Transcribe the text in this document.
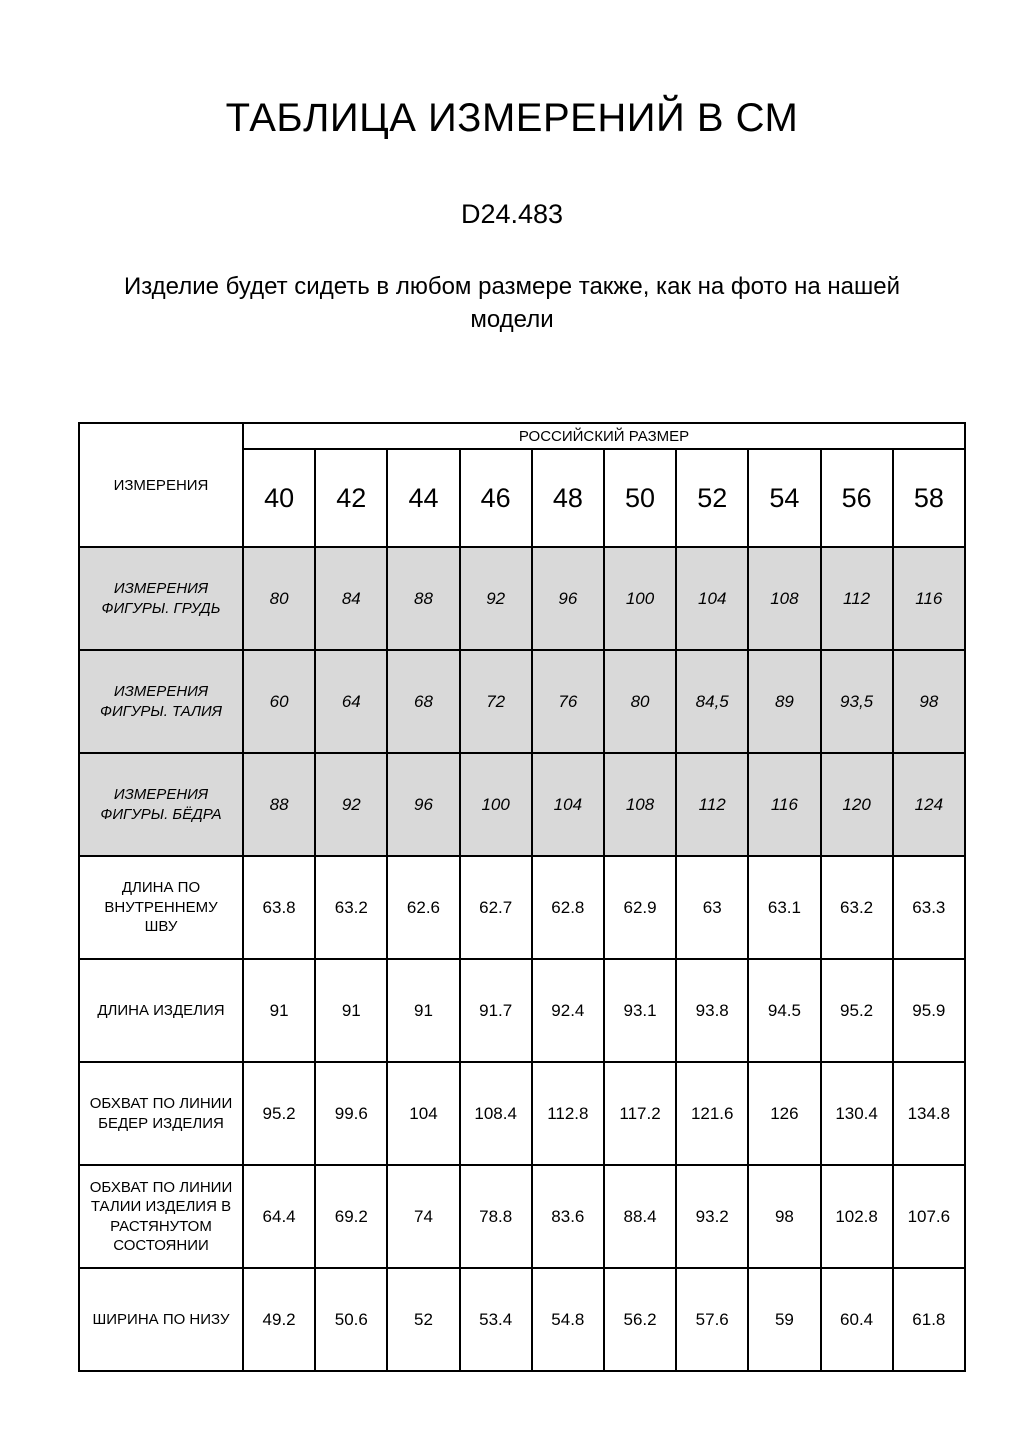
ТАБЛИЦА ИЗМЕРЕНИЙ В СМ
D24.483
Изделие будет сидеть в любом размере также, как на фото на нашей модели
ИЗМЕРЕНИЯ	РОССИЙСКИЙ РАЗМЕР									
	40	42	44	46	48	50	52	54	56	58
ИЗМЕРЕНИЯ ФИГУРЫ. ГРУДЬ	80	84	88	92	96	100	104	108	112	116
ИЗМЕРЕНИЯ ФИГУРЫ. ТАЛИЯ	60	64	68	72	76	80	84,5	89	93,5	98
ИЗМЕРЕНИЯ ФИГУРЫ. БЁДРА	88	92	96	100	104	108	112	116	120	124
ДЛИНА ПО ВНУТРЕННЕМУ ШВУ	63.8	63.2	62.6	62.7	62.8	62.9	63	63.1	63.2	63.3
ДЛИНА ИЗДЕЛИЯ	91	91	91	91.7	92.4	93.1	93.8	94.5	95.2	95.9
ОБХВАТ ПО ЛИНИИ БЕДЕР ИЗДЕЛИЯ	95.2	99.6	104	108.4	112.8	117.2	121.6	126	130.4	134.8
ОБХВАТ ПО ЛИНИИ ТАЛИИ ИЗДЕЛИЯ В РАСТЯНУТОМ СОСТОЯНИИ	64.4	69.2	74	78.8	83.6	88.4	93.2	98	102.8	107.6
ШИРИНА ПО НИЗУ	49.2	50.6	52	53.4	54.8	56.2	57.6	59	60.4	61.8
